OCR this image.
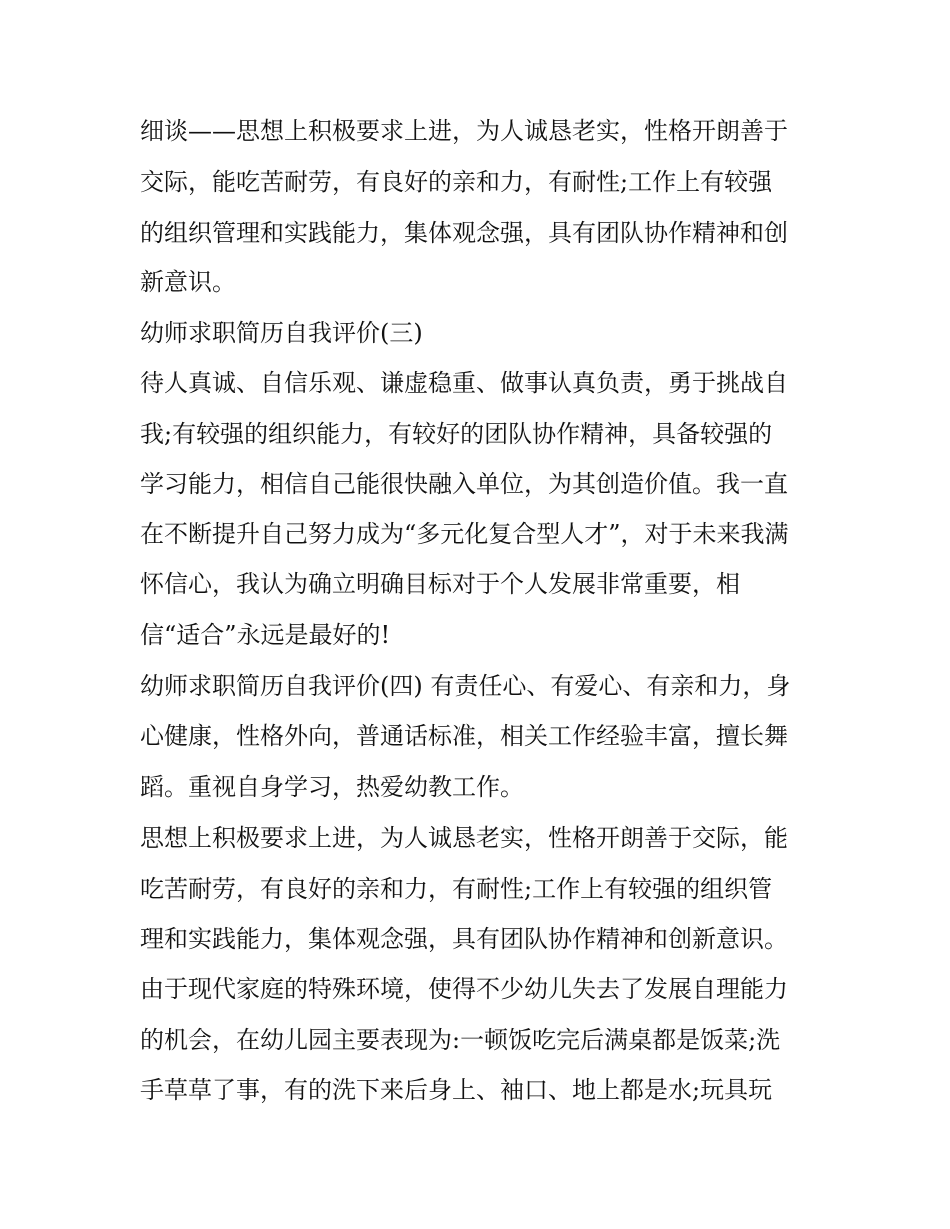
细谈——思想上积极要求上进，为人诚恳老实，性格开朗善于
交际，能吃苦耐劳，有良好的亲和力，有耐性;工作上有较强
的组织管理和实践能力，集体观念强，具有团队协作精神和创
新意识。
幼师求职简历自我评价(三)
待人真诚、自信乐观、谦虚稳重、做事认真负责，勇于挑战自
我;有较强的组织能力，有较好的团队协作精神，具备较强的
学习能力，相信自己能很快融入单位，为其创造价值。我一直
在不断提升自己努力成为“多元化复合型人才”，对于未来我满
怀信心，我认为确立明确目标对于个人发展非常重要，相
信“适合”永远是最好的!
幼师求职简历自我评价(四) 有责任心、有爱心、有亲和力，身
心健康，性格外向，普通话标准，相关工作经验丰富，擅长舞
蹈。重视自身学习，热爱幼教工作。
思想上积极要求上进，为人诚恳老实，性格开朗善于交际，能
吃苦耐劳，有良好的亲和力，有耐性;工作上有较强的组织管
理和实践能力，集体观念强，具有团队协作精神和创新意识。
由于现代家庭的特殊环境，使得不少幼儿失去了发展自理能力
的机会，在幼儿园主要表现为:一顿饭吃完后满桌都是饭菜;洗
手草草了事，有的洗下来后身上、袖口、地上都是水;玩具玩
